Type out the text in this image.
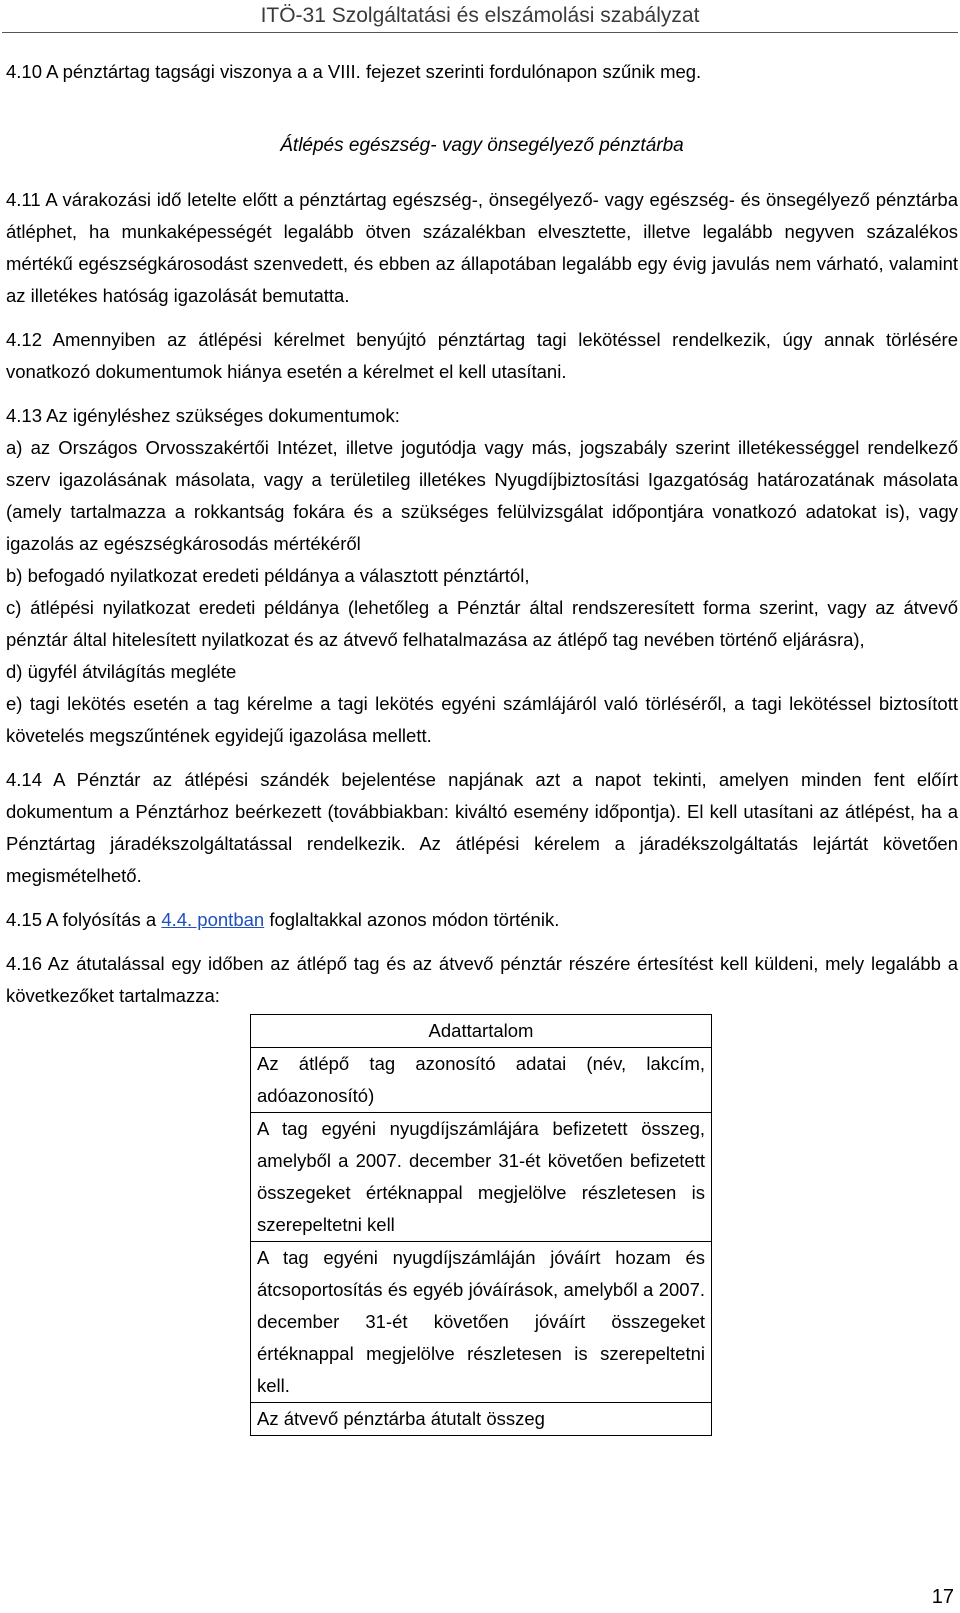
ITÖ-31 Szolgáltatási és elszámolási szabályzat

4.10 A pénztártag tagsági viszonya a a VIII. fejezet szerinti fordulónapon szűnik meg.

Átlépés egészség- vagy önsegélyező pénztárba

4.11 A várakozási idő letelte előtt a pénztártag egészség-, önsegélyező- vagy egészség- és önsegélyező pénztárba átléphet, ha munkaképességét legalább ötven százalékban elvesztette, illetve legalább negyven százalékos mértékű egészségkárosodást szenvedett, és ebben az állapotában legalább egy évig javulás nem várható, valamint az illetékes hatóság igazolását bemutatta.

4.12 Amennyiben az átlépési kérelmet benyújtó pénztártag tagi lekötéssel rendelkezik, úgy annak törlésére vonatkozó dokumentumok hiánya esetén a kérelmet el kell utasítani.

4.13 Az igényléshez szükséges dokumentumok:

a) az Országos Orvosszakértői Intézet, illetve jogutódja vagy más, jogszabály szerint illetékességgel rendelkező szerv igazolásának másolata, vagy a területileg illetékes Nyugdíjbiztosítási Igazgatóság határozatának másolata (amely tartalmazza a rokkantság fokára és a szükséges felülvizsgálat időpontjára vonatkozó adatokat is), vagy igazolás az egészségkárosodás mértékéről

b) befogadó nyilatkozat eredeti példánya a választott pénztártól,

c) átlépési nyilatkozat eredeti példánya (lehetőleg a Pénztár által rendszeresített forma szerint, vagy az átvevő pénztár által hitelesített nyilatkozat és az átvevő felhatalmazása az átlépő tag nevében történő eljárásra),

d) ügyfél átvilágítás megléte

e) tagi lekötés esetén a tag kérelme a tagi lekötés egyéni számlájáról való törléséről, a tagi lekötéssel biztosított követelés megszűntének egyidejű igazolása mellett.

4.14 A Pénztár az átlépési szándék bejelentése napjának azt a napot tekinti, amelyen minden fent előírt dokumentum a Pénztárhoz beérkezett (továbbiakban: kiváltó esemény időpontja). El kell utasítani az átlépést, ha a Pénztártag járadékszolgáltatással rendelkezik. Az átlépési kérelem a járadékszolgáltatás lejártát követően megismételhető.

4.15 A folyósítás a 4.4. pontban foglaltakkal azonos módon történik.

4.16 Az átutalással egy időben az átlépő tag és az átvevő pénztár részére értesítést kell küldeni, mely legalább a következőket tartalmazza:

Adattartalom
Az átlépő tag azonosító adatai (név, lakcím, adóazonosító)
A tag egyéni nyugdíjszámlájára befizetett összeg, amelyből a 2007. december 31-ét követően befizetett összegeket értéknappal megjelölve részletesen is szerepeltetni kell
A tag egyéni nyugdíjszámláján jóváírt hozam és átcsoportosítás és egyéb jóváírások, amelyből a 2007. december 31-ét követően jóváírt összegeket értéknappal megjelölve részletesen is szerepeltetni kell.
Az átvevő pénztárba átutalt összeg
17
